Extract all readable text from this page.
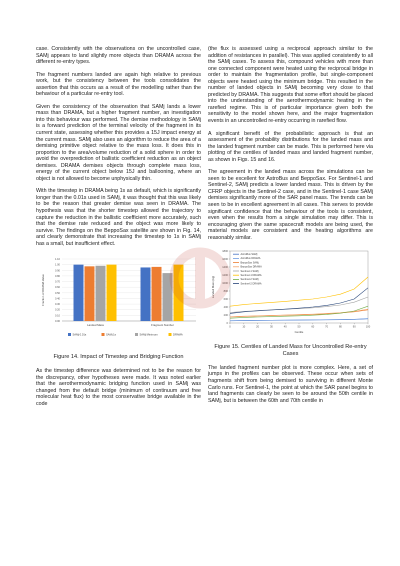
case. Consistently with the observations on the uncontrolled case, SAMj appears to land slightly more objects than DRAMA across the different re-entry types.

The fragment numbers landed are again high relative to previous work, but the consistency between the tools consolidates the assertion that this occurs as a result of the modelling rather than the behaviour of a particular re-entry tool.

Given the consistency of the observation that SAMj lands a lower mass than DRAMA, but a higher fragment number, an investigation into this behaviour was performed. The demise methodology in SAMj is a forward prediction of the terminal velocity of the fragment in its current state, assessing whether this provides a 15J impact energy at the current mass. SAMj also uses an algorithm to reduce the area of a demising primitive object relative to the mass loss. It does this in proportion to the area/volume reduction of a solid sphere in order to avoid the overprediction of ballistic coefficient reduction as an object demises. DRAMA demises objects through complete mass loss, energy of the current object below 15J and ballooning, where an object is not allowed to become unphysically thin.

With the timestep in DRAMA being 1s as default, which is significantly longer than the 0.01s used in SAMj, it was thought that this was likely to be the reason that greater demise was seen in DRAMA. The hypothesis was that the shorter timestep allowed the trajectory to capture the reduction in the ballistic coefficient more accurately, such that the demise rate reduced and the object was more likely to survive. The findings on the BeppoSax satellite are shown in Fig. 14, and clearly demonstrate that increasing the timestep to 1s in SAMj has a small, but insufficient effect.

0.00
0.10
0.20
0.30
0.40
0.50
0.60
0.70
0.80
0.90
1.00
1.10
Fraction of DRAMA Value
Landed Mass	Fragment Number
SAMj 0.01s	SAMj 1s	SAMj Minimum	DRAMA
Figure 14. Impact of Timestep and Bridging Function

As the timestep difference was determined not to be the reason for the discrepancy, other hypotheses were made. It was noted earlier that the aerothermodynamic bridging function used in SAMj was changed from the default bridge (minimum of continuum and free molecular heat flux) to the most conservative bridge available in the code

(the flux is assessed using a reciprocal approach similar to the addition of resistances in parallel). This was applied consistently to all the SAMj cases. To assess this, compound vehicles with more than one connected component were heated using the reciprocal bridge in order to maintain the fragmentation profile, but single-component objects were heated using the minimum bridge. This resulted in the number of landed objects in SAMj becoming very close to that predicted by DRAMA. This suggests that some effort should be placed into the understanding of the aerothermodynamic heating in the rarefied regime. This is of particular importance given both the sensitivity to the model shown here, and the major fragmentation events in an uncontrolled re-entry occurring in rarefied flow.

A significant benefit of the probabilistic approach is that an assessment of the probability distributions for the landed mass and the landed fragment number can be made. This is performed here via plotting of the centiles of landed mass and landed fragment number, as shown in Figs. 15 and 16.

The agreement in the landed mass across the simulations can be seen to be excellent for AstroBus and BeppoSax. For Sentinel-1 and Sentinel-2, SAMj predicts a lower landed mass. This is driven by the CFRP objects in the Sentinel-2 case, and in the Sentinel-1 case SAMj demises significantly more of the SAR panel mass. The trends can be seen to be in excellent agreement in all cases. This serves to provide significant confidence that the behaviour of the tools is consistent, even when the results from a single simulation may differ. This is encouraging given the same spacecraft models are being used, the material models are consistent and the heating algorithms are reasonably similar.

0
200
400
600
800
1000
1200
1400
1600
1800
0	10	20	30	40	50	60	70	80	90	100
Centile
Landed Mass (kg)
AstroBus SAMj
AstroBus DRAMA
BeppoSax SAMj
BeppoSax DRAMA
Sentinel-1 SAMj
Sentinel-1 DRAMA
Sentinel-2 SAMj
Sentinel-2 DRAMA
Figure 15. Centiles of Landed Mass for Uncontrolled Re-entry Cases

The landed fragment number plot is more complex. Here, a set of jumps in the profiles can be observed. These occur when sets of fragments shift from being demised to surviving in different Monte Carlo runs. For Sentinel-1, the point at which the SAR panel begins to land fragments can clearly be seen to be around the 50th centile in SAMj, but is between the 60th and 70th centile in
